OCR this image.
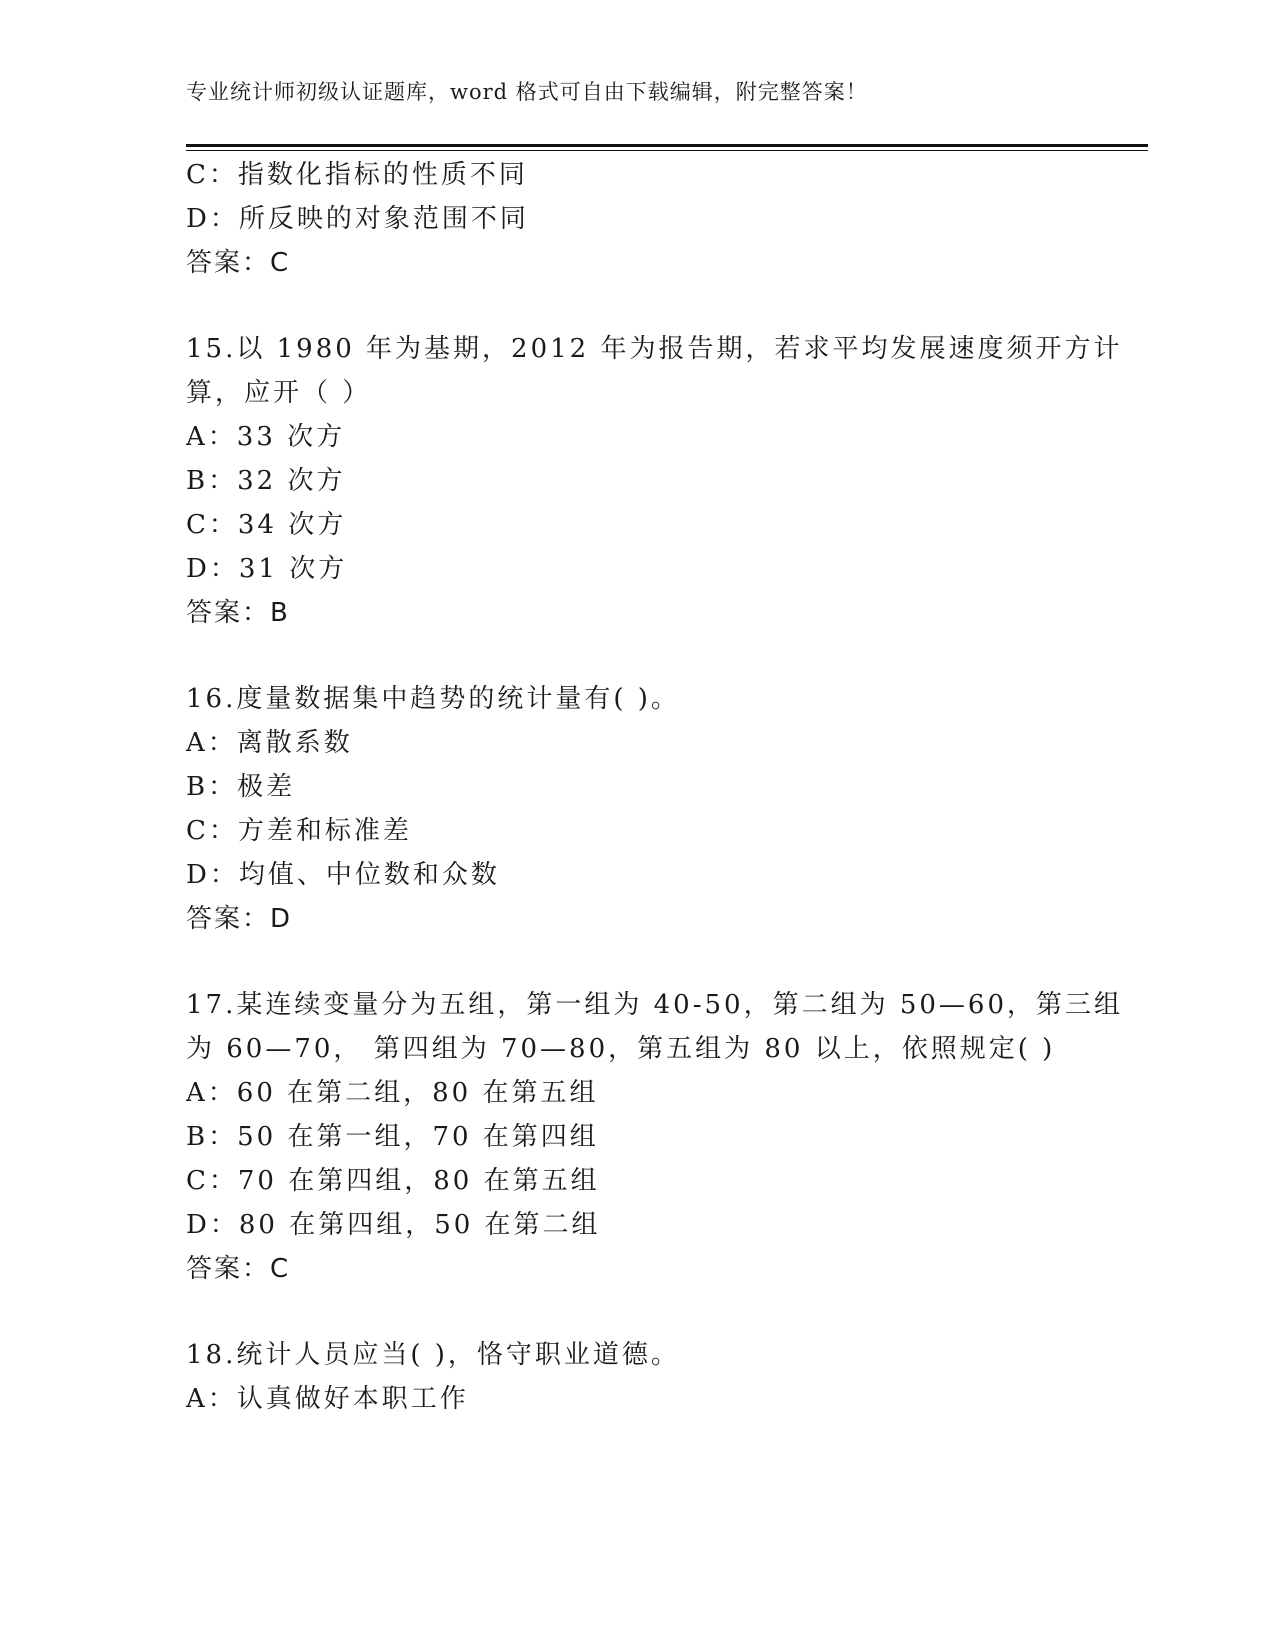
专业统计师初级认证题库，word 格式可自由下载编辑，附完整答案！
C：指数化指标的性质不同
D：所反映的对象范围不同
答案：C
15.以 1980 年为基期，2012 年为报告期，若求平均发展速度须开方计
算，应开（ ）
A：33 次方
B：32 次方
C：34 次方
D：31 次方
答案：B
16.度量数据集中趋势的统计量有( )。
A：离散系数
B：极差
C：方差和标准差
D：均值、中位数和众数
答案：D
17.某连续变量分为五组，第一组为 40-50，第二组为 50—60，第三组
为 60—70， 第四组为 70—80，第五组为 80 以上，依照规定( )
A：60 在第二组，80 在第五组
B：50 在第一组，70 在第四组
C：70 在第四组，80 在第五组
D：80 在第四组，50 在第二组
答案：C
18.统计人员应当( )，恪守职业道德。
A：认真做好本职工作
